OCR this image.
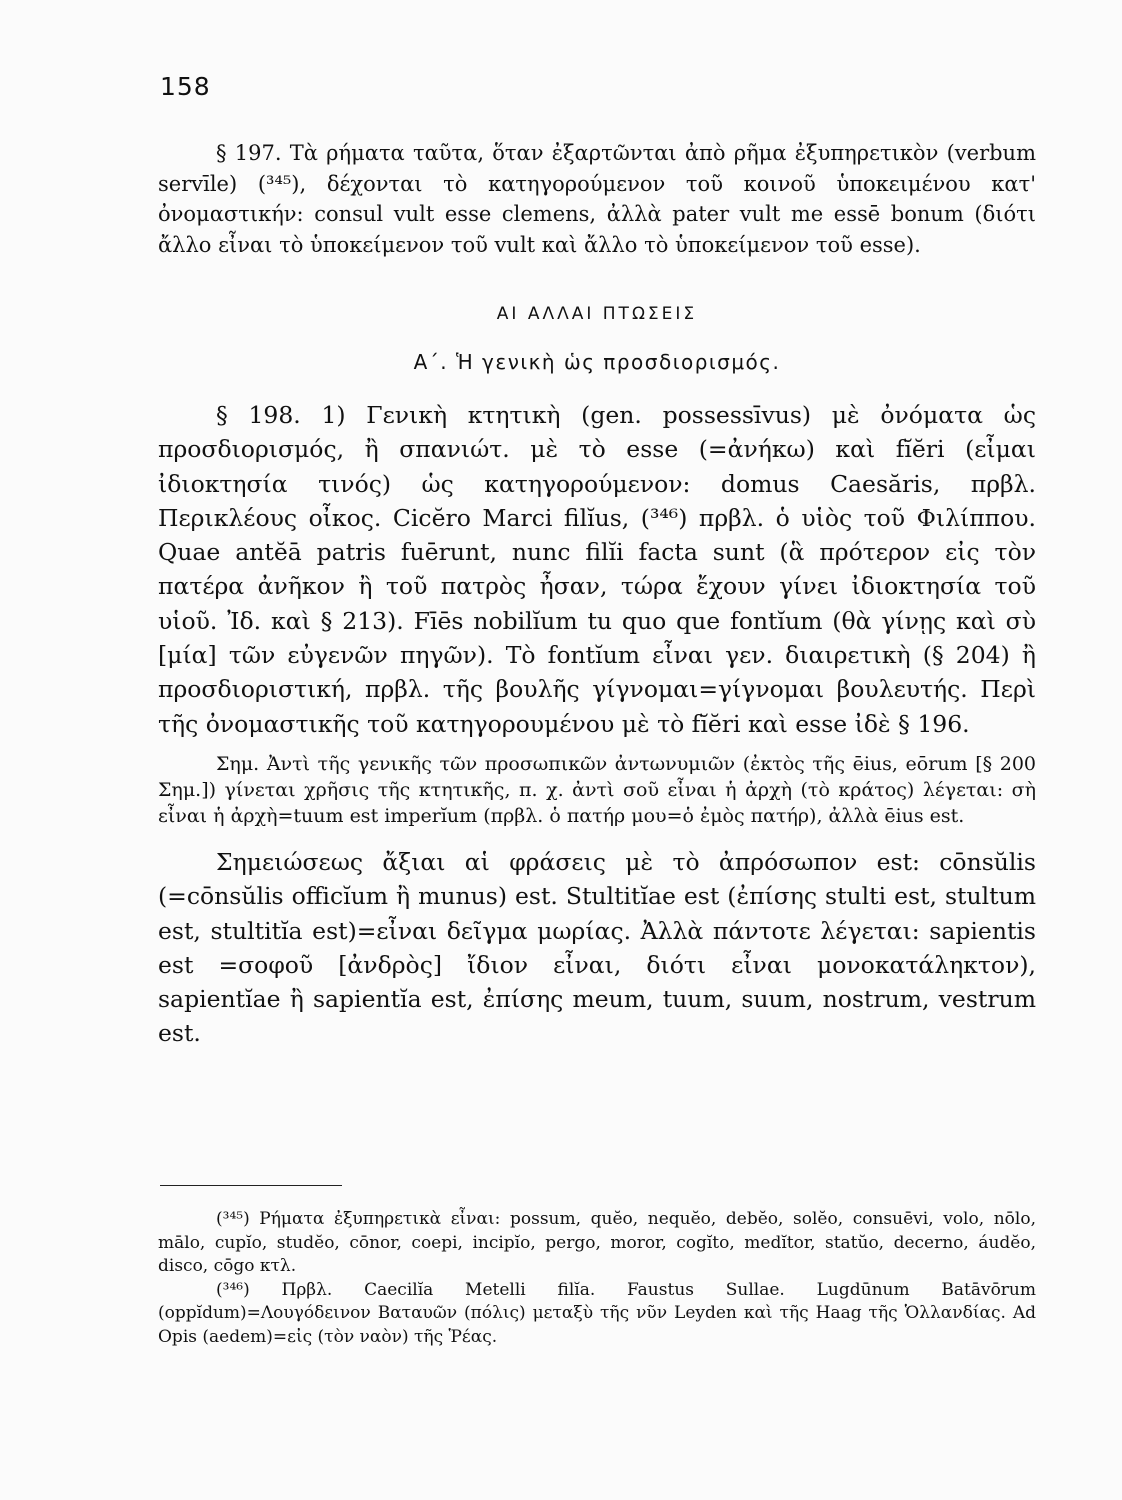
158

§ 197. Τὰ ρήματα ταῦτα, ὅταν ἐξαρτῶνται ἀπὸ ρῆμα ἐξυπηρετικὸν (verbum servīle) (³⁴⁵), δέχονται τὸ κατηγορούμενον τοῦ κοινοῦ ὑποκειμένου κατ' ὀνομαστικήν: consul vult esse clemens, ἀλλὰ pater vult me essē bonum (διότι ἄλλο εἶναι τὸ ὑποκείμενον τοῦ vult καὶ ἄλλο τὸ ὑποκείμενον τοῦ esse).

ΑΙ ΑΛΛΑΙ ΠΤΩΣΕΙΣ
Α΄. Ἡ γενικὴ ὡς προσδιορισμός.

§ 198. 1) Γενικὴ κτητικὴ (gen. possessīvus) μὲ ὀνόματα ὡς προσδιορισμός, ἢ σπανιώτ. μὲ τὸ esse (=ἀνήκω) καὶ fĭĕri (εἶμαι ἰδιοκτησία τινός) ὡς κατηγορούμενον: domus Caesăris, πρβλ. Περικλέους οἶκος. Cicĕro Marci filĭus, (³⁴⁶) πρβλ. ὁ υἱὸς τοῦ Φιλίππου. Quae antĕā patris fuērunt, nunc filĭi facta sunt (ἃ πρότερον εἰς τὸν πατέρα ἀνῆκον ἢ τοῦ πατρὸς ἦσαν, τώρα ἔχουν γίνει ἰδιοκτησία τοῦ υἱοῦ. Ἰδ. καὶ § 213). Fīēs nobilĭum tu quo que fontĭum (θὰ γίνῃς καὶ σὺ [μία] τῶν εὐγενῶν πηγῶν). Τὸ fontĭum εἶναι γεν. διαιρετικὴ (§ 204) ἢ προσδιοριστική, πρβλ. τῆς βουλῆς γίγνομαι=γίγνομαι βουλευτής. Περὶ τῆς ὀνομαστικῆς τοῦ κατηγορουμένου μὲ τὸ fĭĕri καὶ esse ἰδὲ § 196.

Σημ. Ἀντὶ τῆς γενικῆς τῶν προσωπικῶν ἀντωνυμιῶν (ἐκτὸς τῆς ēius, eōrum [§ 200 Σημ.]) γίνεται χρῆσις τῆς κτητικῆς, π. χ. ἀντὶ σοῦ εἶναι ἡ ἀρχὴ (τὸ κράτος) λέγεται: σὴ εἶναι ἡ ἀρχὴ=tuum est imperĭum (πρβλ. ὁ πατήρ μου=ὁ ἐμὸς πατήρ), ἀλλὰ ēius est.

Σημειώσεως ἄξιαι αἱ φράσεις μὲ τὸ ἀπρόσωπον est: cōnsŭlis (=cōnsŭlis officĭum ἢ munus) est. Stultitĭae est (ἐπίσης stulti est, stultum est, stultitĭa est)=εἶναι δεῖγμα μωρίας. Ἀλλὰ πάντοτε λέγεται: sapientis est =σοφοῦ [ἀνδρὸς] ἴδιον εἶναι, διότι εἶναι μονοκατάληκτον), sapientĭae ἢ sapientĭa est, ἐπίσης meum, tuum, suum, nostrum, vestrum est.

(³⁴⁵) Ρήματα ἐξυπηρετικὰ εἶναι: possum, quĕo, nequĕo, debĕo, solĕo, consuēvi, volo, nōlo, mālo, cupĭo, studĕo, cōnor, coepi, incipĭo, pergo, moror, cogĭto, medĭtor, statŭo, decerno, áudĕo, disco, cōgo κτλ.

(³⁴⁶) Πρβλ. Caecilĭa Metelli filĭa. Faustus Sullae. Lugdūnum Batāvōrum (oppĭdum)=Λουγόδεινον Βαταυῶν (πόλις) μεταξὺ τῆς νῦν Leyden καὶ τῆς Haag τῆς Ὁλλανδίας. Ad Opis (aedem)=εἰς (τὸν ναὸν) τῆς Ῥέας.
